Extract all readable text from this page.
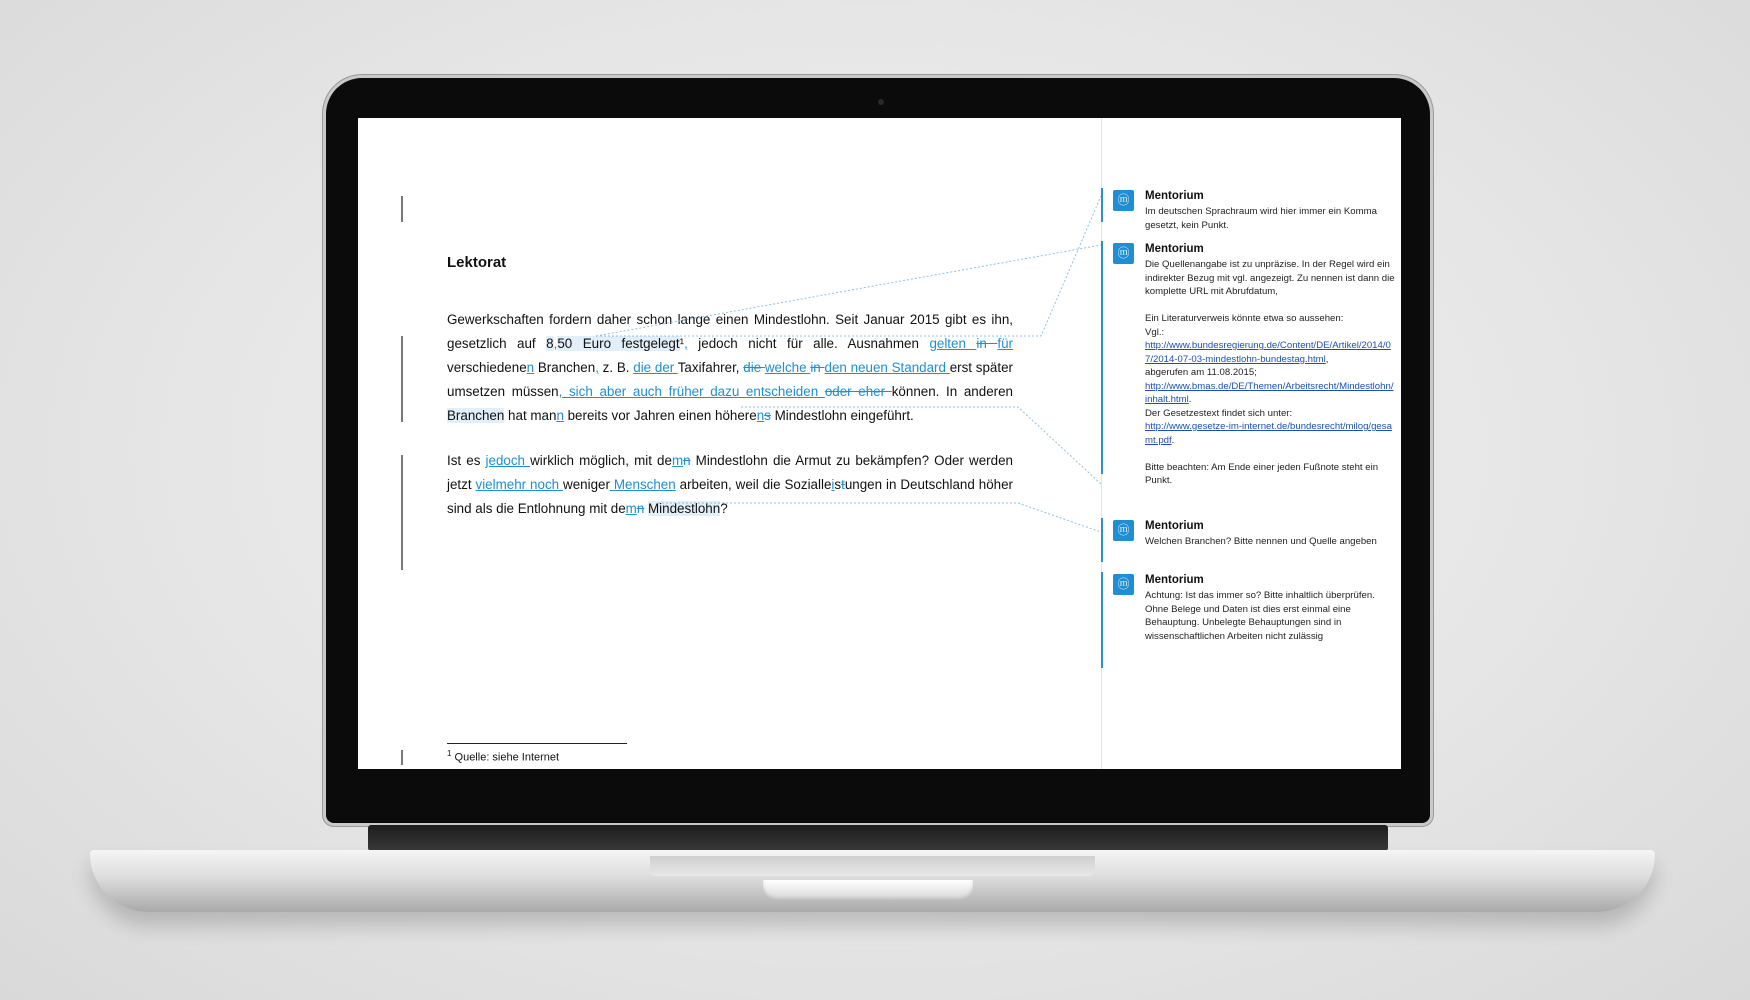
Lektorat

Gewerkschaften fordern daher schon lange einen Mindestlohn. Seit Januar 2015 gibt es ihn, gesetzlich auf 8,50 Euro festgelegt¹, jedoch nicht für alle. Ausnahmen gelten in für verschiedenen Branchen, z. B. die der Taxifahrer, die welche in den neuen Standard erst später umsetzen müssen, sich aber auch früher dazu entscheiden oder eher können. In anderen Branchen hat mann bereits vor Jahren einen höherens Mindestlohn eingeführt.

Ist es jedoch wirklich möglich, mit demn Mindestlohn die Armut zu bekämpfen? Oder werden jetzt vielmehr noch weniger Menschen arbeiten, weil die Sozialleistungen in Deutschland höher sind als die Entlohnung mit demn Mindestlohn?

$^1$ Quelle: siehe Internet
ⓜ	Mentorium

Im deutschen Sprachraum wird hier immer ein Komma gesetzt, kein Punkt.

ⓜ	Mentorium

Die Quellenangabe ist zu unpräzise. In der Regel wird ein indirekter Bezug mit vgl. angezeigt. Zu nennen ist dann die komplette URL mit Abrufdatum,

Ein Literaturverweis könnte etwa so aussehen:

Vgl.:

http://www.bundesregierung.de/Content/DE/Artikel/2014/07/2014-07-03-mindestlohn-bundestag.html,

abgerufen am 11.08.2015;

http://www.bmas.de/DE/Themen/Arbeitsrecht/Mindestlohn/inhalt.html.

Der Gesetzestext findet sich unter:

http://www.gesetze-im-internet.de/bundesrecht/milog/gesamt.pdf.

Bitte beachten: Am Ende einer jeden Fußnote steht ein Punkt.

ⓜ	Mentorium

Welchen Branchen? Bitte nennen und Quelle angeben

ⓜ	Mentorium

Achtung: Ist das immer so? Bitte inhaltlich überprüfen. Ohne Belege und Daten ist dies erst einmal eine Behauptung. Unbelegte Behauptungen sind in wissenschaftlichen Arbeiten nicht zulässig
